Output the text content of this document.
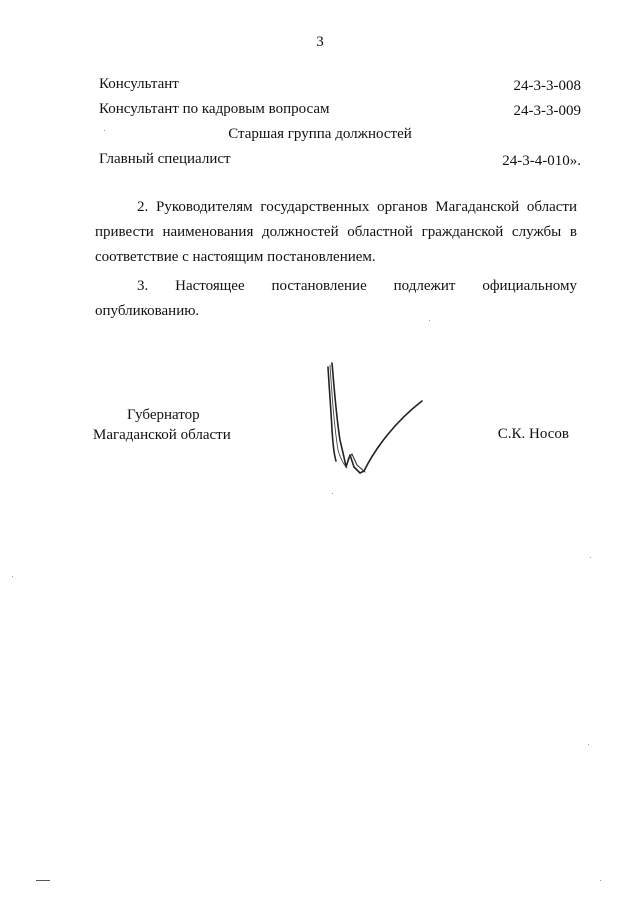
3
Консультант	24-3-3-008
Консультант по кадровым вопросам	24-3-3-009
Старшая группа должностей
Главный специалист	24-3-4-010».
2. Руководителям государственных органов Магаданской области
привести наименования должностей областной гражданской службы в соответствие с настоящим постановлением.
3. Настоящее постановление подлежит официальному
опубликованию.
Губернатор
Магаданской области	С.К. Носов
